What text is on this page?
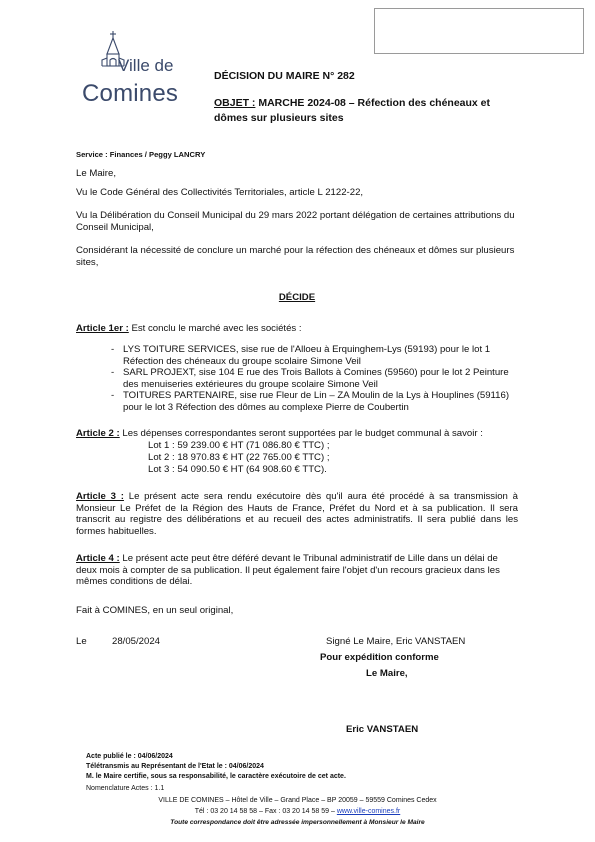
Ville de
Comines
DÉCISION DU MAIRE N° 282
OBJET : MARCHE 2024-08 – Réfection des chéneaux et dômes sur plusieurs sites
Service : Finances / Peggy LANCRY
Le Maire,
Vu le Code Général des Collectivités Territoriales, article L 2122-22,
Vu la Délibération du Conseil Municipal du 29 mars 2022 portant délégation de certaines attributions du Conseil Municipal,
Considérant la nécessité de conclure un marché pour la réfection des chéneaux et dômes sur plusieurs sites,
DÉCIDE
Article 1er : Est conclu le marché avec les sociétés :
- LYS TOITURE SERVICES, sise rue de l'Alloeu à Erquinghem-Lys (59193) pour le lot 1 Réfection des chéneaux du groupe scolaire Simone Veil
- SARL PROJEXT, sise 104 E rue des Trois Ballots à Comines (59560) pour le lot 2 Peinture des menuiseries extérieures du groupe scolaire Simone Veil
- TOITURES PARTENAIRE, sise rue Fleur de Lin – ZA Moulin de la Lys à Houplines (59116) pour le lot 3 Réfection des dômes au complexe Pierre de Coubertin
Article 2 : Les dépenses correspondantes seront supportées par le budget communal à savoir :
Lot 1 : 59 239.00 € HT (71 086.80 € TTC) ;
Lot 2 : 18 970.83 € HT (22 765.00 € TTC) ;
Lot 3 : 54 090.50 € HT (64 908.60 € TTC).
Article 3 : Le présent acte sera rendu exécutoire dès qu'il aura été procédé à sa transmission à Monsieur Le Préfet de la Région des Hauts de France, Préfet du Nord et à sa publication. Il sera transcrit au registre des délibérations et au recueil des actes administratifs. Il sera publié dans les formes habituelles.
Article 4 : Le présent acte peut être déféré devant le Tribunal administratif de Lille dans un délai de deux mois à compter de sa publication. Il peut également faire l'objet d'un recours gracieux dans les mêmes conditions de délai.
Fait à COMINES, en un seul original,
Le	28/05/2024	Signé Le Maire, Eric VANSTAEN
Pour expédition conforme
Le Maire,
Eric VANSTAEN
Acte publié le : 04/06/2024
Télétransmis au Représentant de l'Etat le : 04/06/2024
M. le Maire certifie, sous sa responsabilité, le caractère exécutoire de cet acte.
Nomenclature Actes : 1.1
VILLE DE COMINES – Hôtel de Ville – Grand Place – BP 20059 – 59559 Comines Cedex
Tél : 03 20 14 58 58 – Fax : 03 20 14 58 59 – www.ville-comines.fr
Toute correspondance doit être adressée impersonnellement à Monsieur le Maire
